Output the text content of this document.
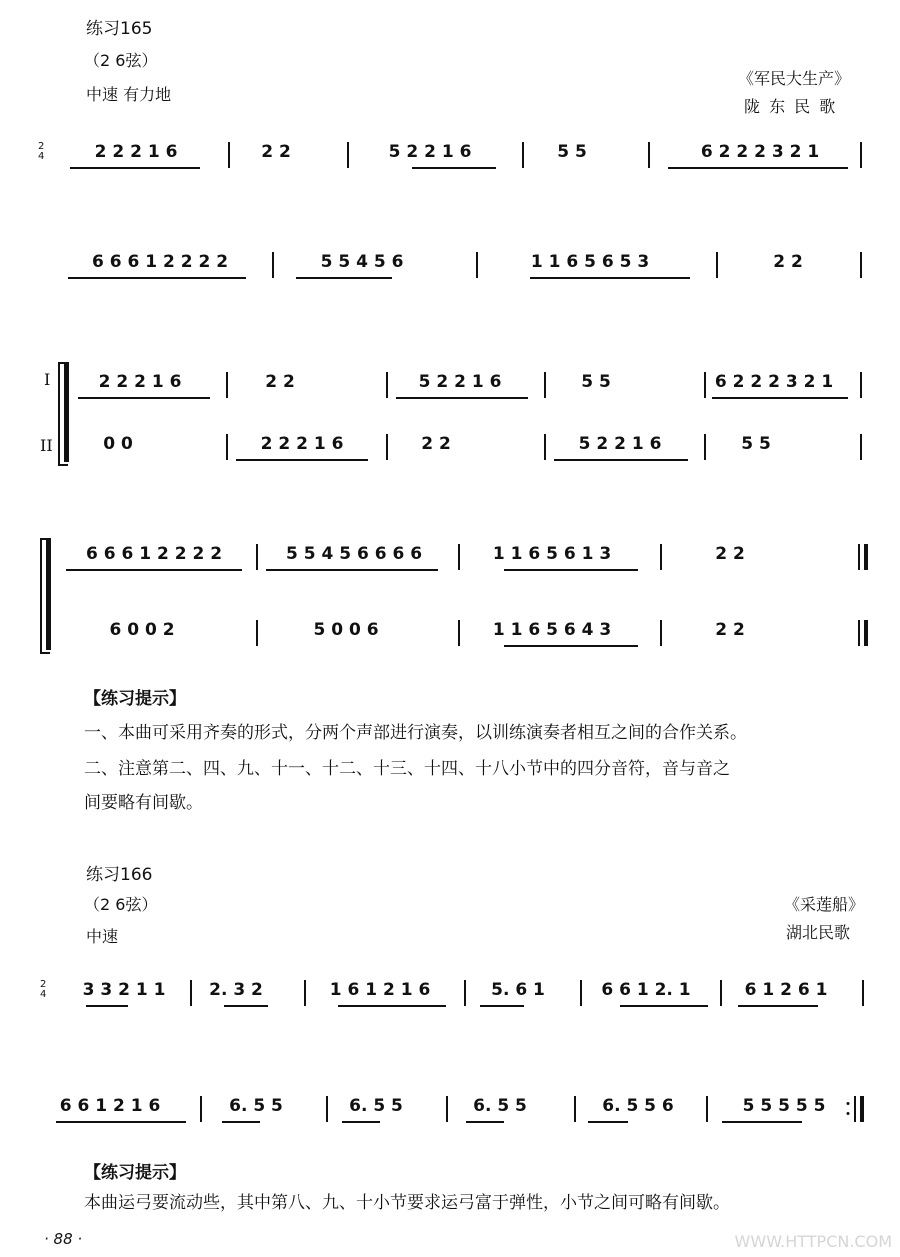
练习165
（2 6弦）
中速 有力地
《军民大生产》
陇 东 民 歌
2
4	2 2 2 1 6	2 2	5 2 2 1 6	5 5	6 2 2 2 3 2 1
6 6 6 1 2 2 2 2	5 5 4 5 6	1 1 6 5 6 5 3	2 2
I
II
2 2 2 1 6	2 2	5 2 2 1 6	5 5	6 2 2 2 3 2 1
0 0	2 2 2 1 6	2 2	5 2 2 1 6	5 5
6 6 6 1 2 2 2 2	5 5 4 5 6 6 6 6	1 1 6 5 6 1 3	2 2
6 0 0 2	5 0 0 6	1 1 6 5 6 4 3	2 2
【练习提示】
一、本曲可采用齐奏的形式，分两个声部进行演奏，以训练演奏者相互之间的合作关系。
二、注意第二、四、九、十一、十二、十三、十四、十八小节中的四分音符，音与音之
间要略有间歇。
练习166
（2 6弦）
中速
《采莲船》
湖北民歌
2
4 3 3 2 1 1	2. 3 2	1 6 1 2 1 6	5. 6 1	6 6 1 2. 1	6 1 2 6 1
6 6 1 2 1 6	6. 5 5	6. 5 5	6. 5 5	6. 5 5 6	5 5 5 5 5
【练习提示】
本曲运弓要流动些，其中第八、九、十小节要求运弓富于弹性，小节之间可略有间歇。
· 88 ·	WWW.HTTPCN.COM
